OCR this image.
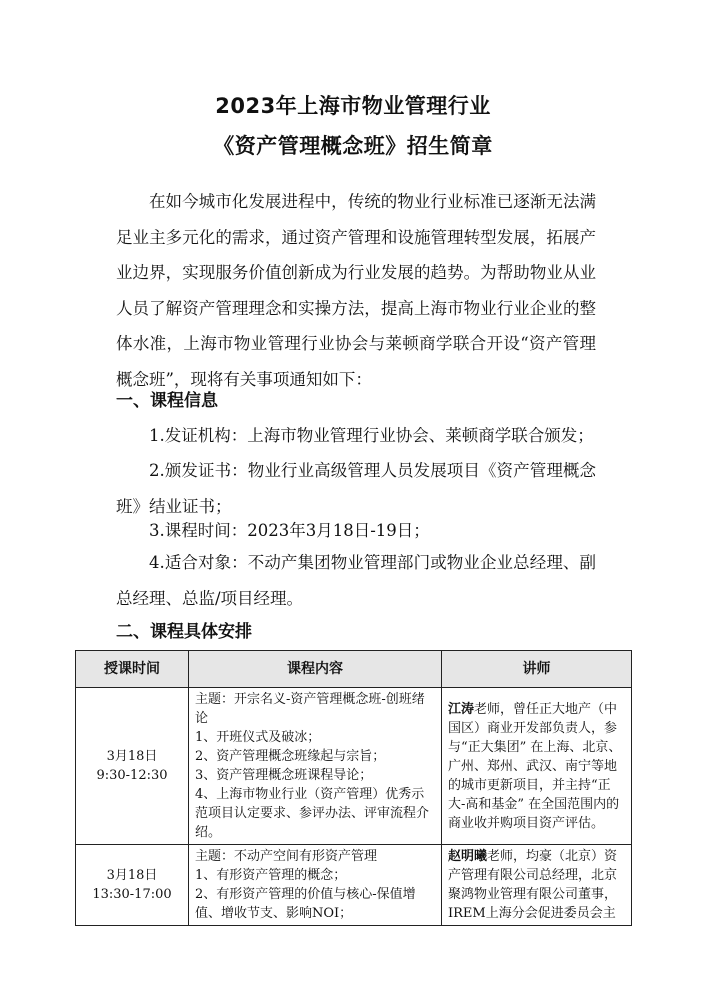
2023年上海市物业管理行业
《资产管理概念班》招生简章

在如今城市化发展进程中，传统的物业行业标准已逐渐无法满足业主多元化的需求，通过资产管理和设施管理转型发展，拓展产业边界，实现服务价值创新成为行业发展的趋势。为帮助物业从业人员了解资产管理理念和实操方法，提高上海市物业行业企业的整体水准，上海市物业管理行业协会与莱顿商学联合开设“资产管理概念班”，现将有关事项通知如下：

一、课程信息

1.发证机构：上海市物业管理行业协会、莱顿商学联合颁发；

2.颁发证书：物业行业高级管理人员发展项目《资产管理概念班》结业证书；

3.课程时间：2023年3月18日-19日；

4.适合对象：不动产集团物业管理部门或物业企业总经理、副总经理、总监/项目经理。

二、课程具体安排
授课时间	课程内容	讲师

3月18日
9:30-12:30	主题：开宗名义-资产管理概念班-创班绪论
1、开班仪式及破冰；
2、资产管理概念班缘起与宗旨；
3、资产管理概念班课程导论；
4、上海市物业行业（资产管理）优秀示范项目认定要求、参评办法、评审流程介绍。	江涛老师，曾任正大地产（中国区）商业开发部负责人，参与“正大集团” 在上海、北京、广州、郑州、武汉、南宁等地的城市更新项目，并主持“正大-高和基金” 在全国范围内的商业收并购项目资产评估。

3月18日
13:30-17:00	主题：不动产空间有形资产管理
1、有形资产管理的概念；
2、有形资产管理的价值与核心-保值增值、增收节支、影响NOI；	赵明曦老师，均豪（北京）资产管理有限公司总经理，北京聚鸿物业管理有限公司董事，IREM上海分会促进委员会主
